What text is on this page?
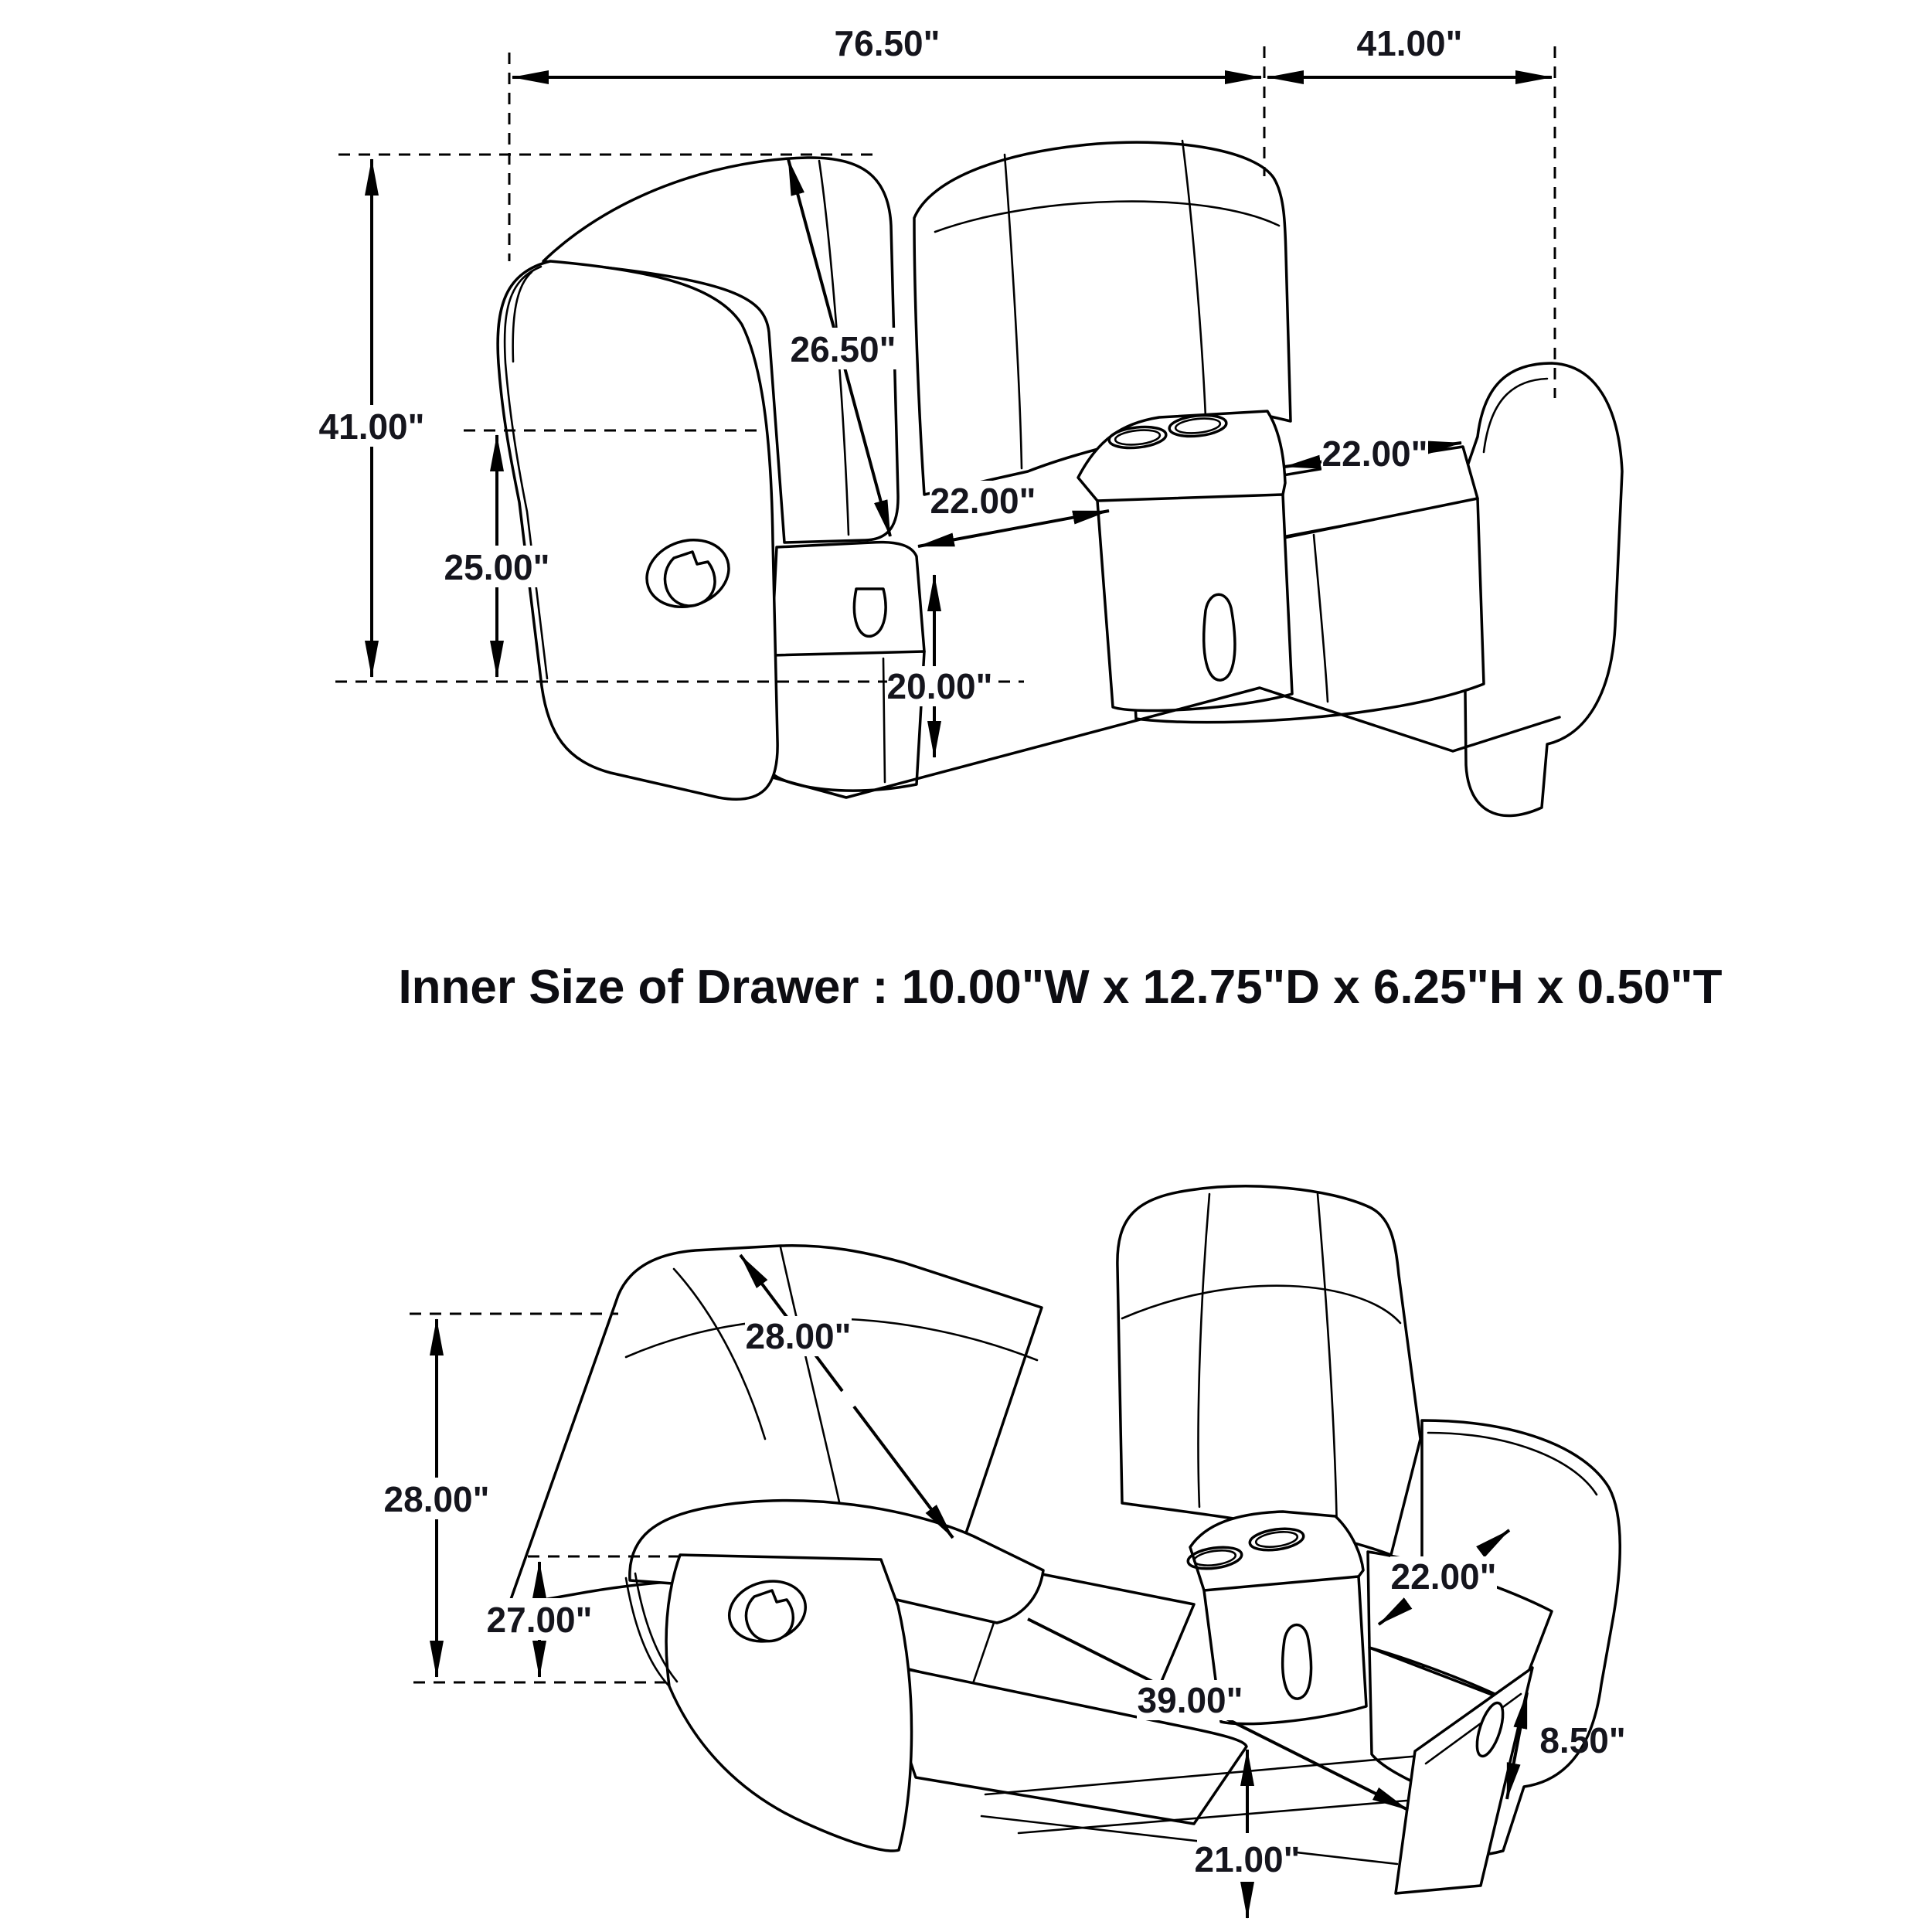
76.50"	41.00"
41.00"
25.00"
26.50"
22.00"
22.00"
20.00"
Inner Size of Drawer : 10.00"W x 12.75"D x 6.25"H x 0.50"T
28.00"
27.00"
28.00"
39.00"
22.00"
21.00"
8.50"
